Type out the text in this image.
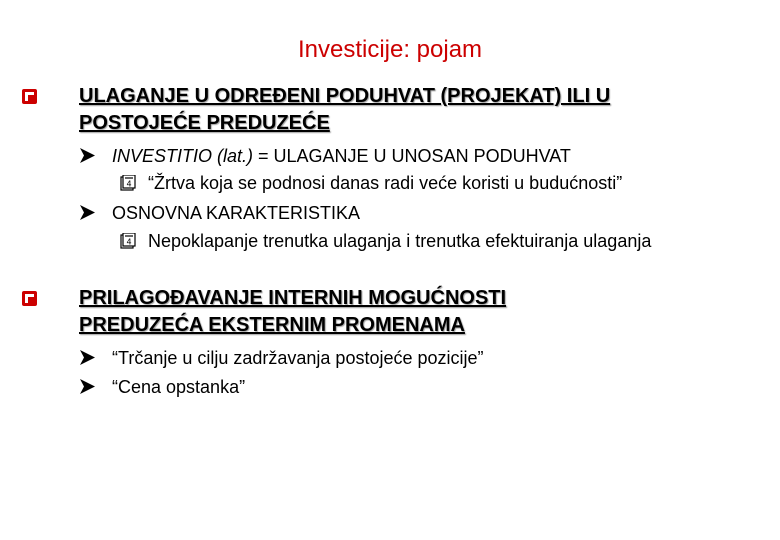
Investicije: pojam
ULAGANJE U ODREĐENI PODUHVAT (PROJEKAT) ILI U
POSTOJEĆE PREDUZEĆE
INVESTITIO (lat.) = ULAGANJE U UNOSAN PODUHVAT
4 “Žrtva koja se podnosi danas radi veće koristi u budućnosti”
OSNOVNA KARAKTERISTIKA
4 Nepoklapanje trenutka ulaganja i trenutka efektuiranja ulaganja
PRILAGOĐAVANJE INTERNIH MOGUĆNOSTI
PREDUZEĆA EKSTERNIM PROMENAMA
“Trčanje u cilju zadržavanja postojeće pozicije”
“Cena opstanka”
